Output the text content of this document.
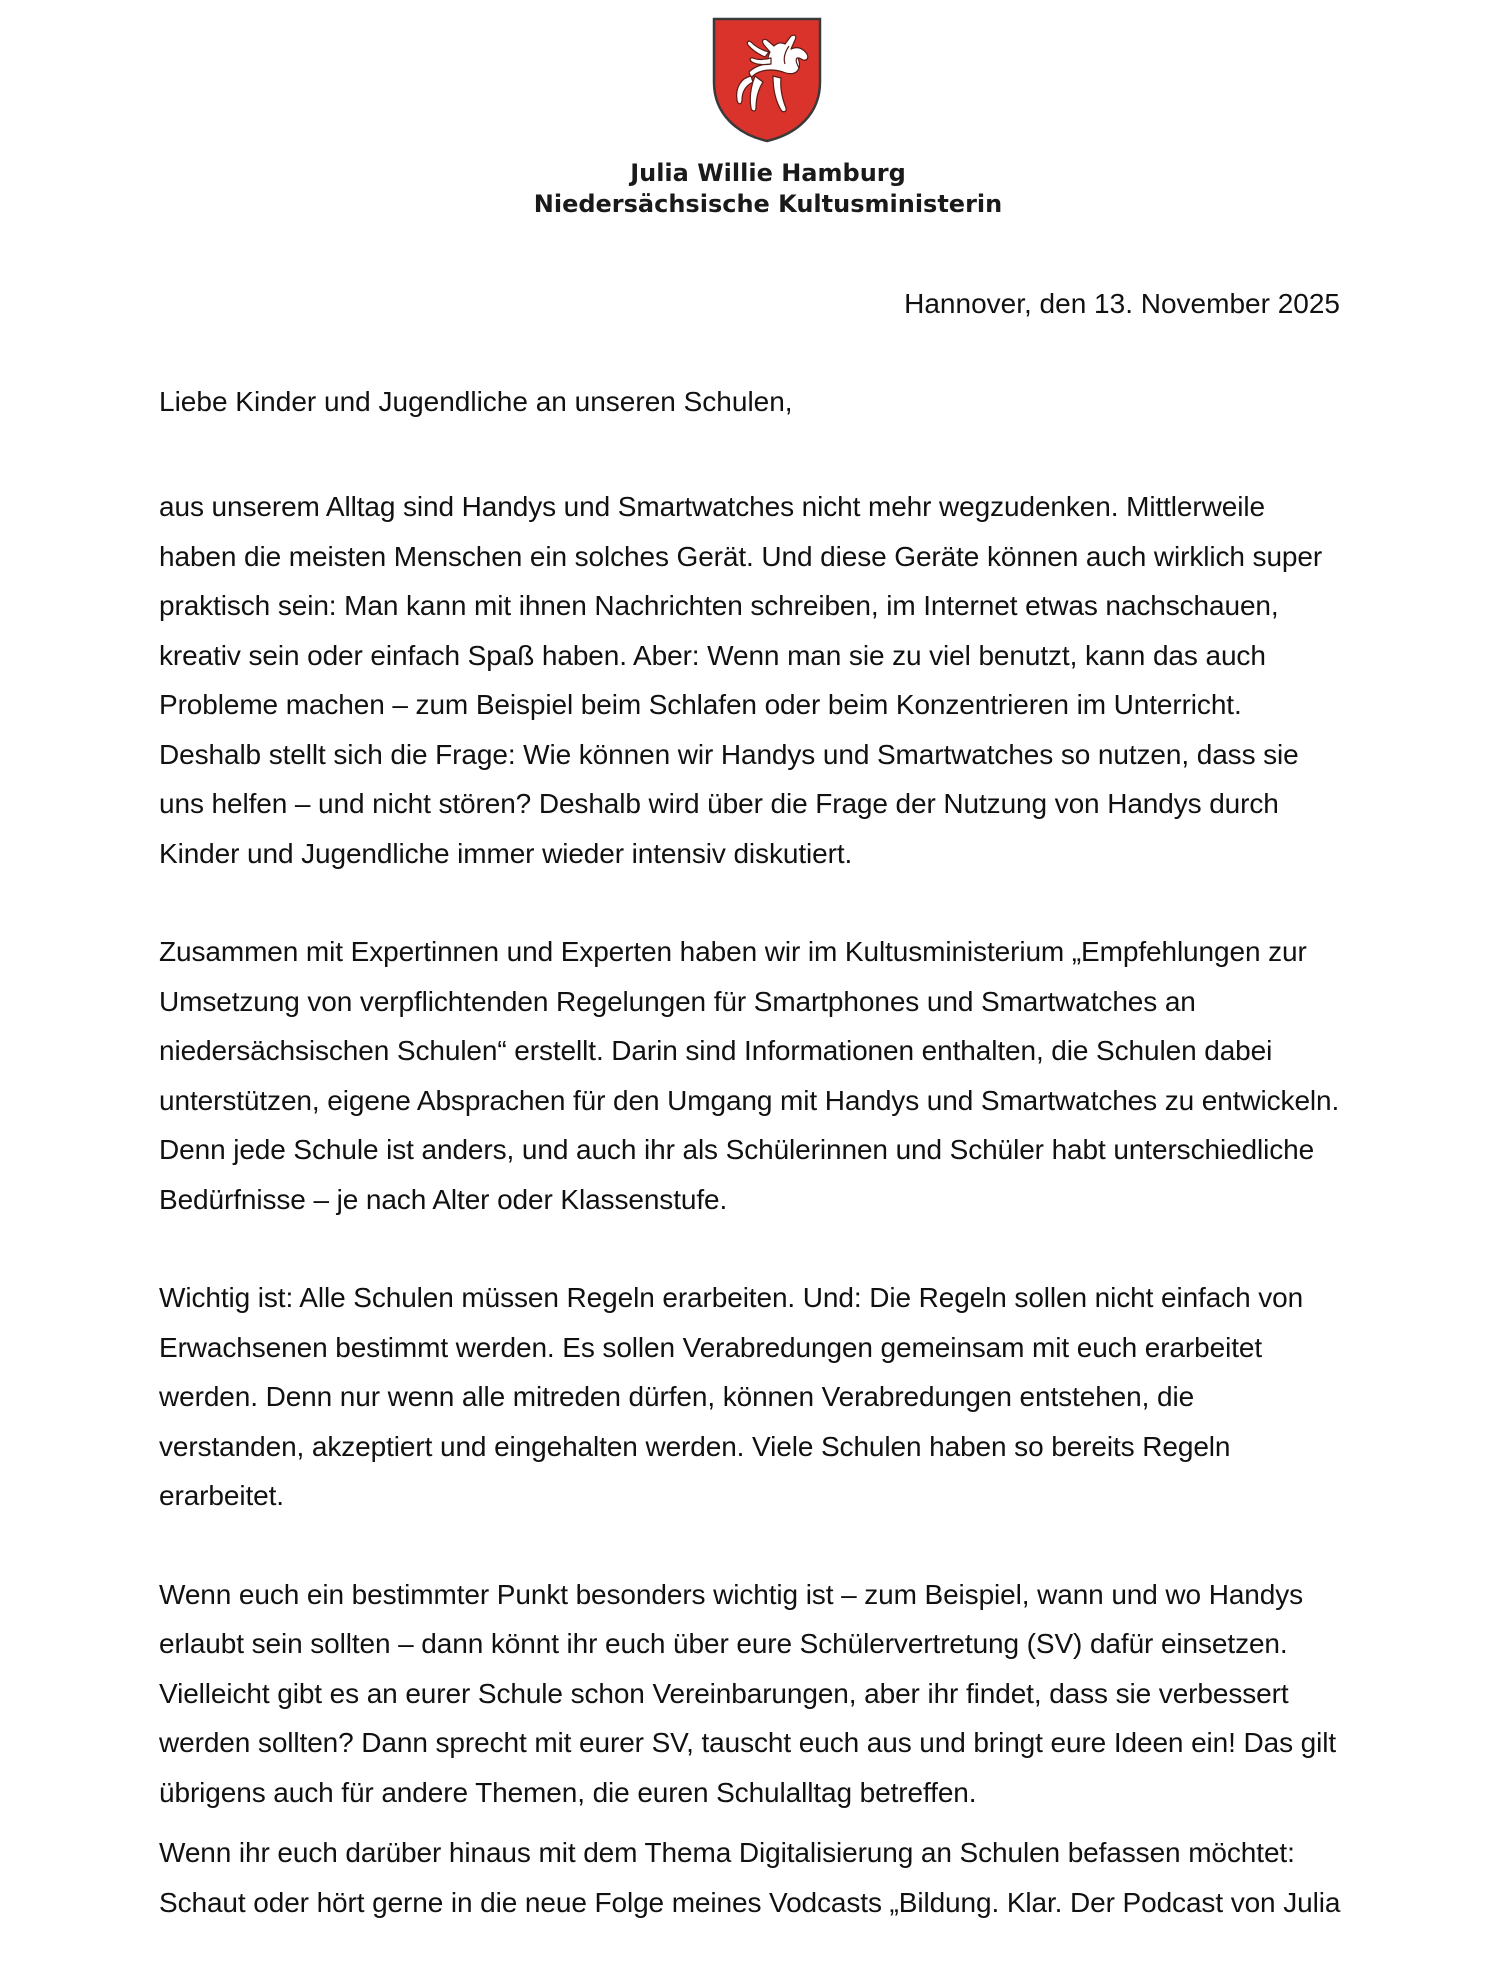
Julia Willie Hamburg
Niedersächsische Kultusministerin
Hannover, den 13. November 2025
Liebe Kinder und Jugendliche an unseren Schulen,
aus unserem Alltag sind Handys und Smartwatches nicht mehr wegzudenken. Mittlerweile
haben die meisten Menschen ein solches Gerät. Und diese Geräte können auch wirklich super
praktisch sein: Man kann mit ihnen Nachrichten schreiben, im Internet etwas nachschauen,
kreativ sein oder einfach Spaß haben. Aber: Wenn man sie zu viel benutzt, kann das auch
Probleme machen – zum Beispiel beim Schlafen oder beim Konzentrieren im Unterricht.
Deshalb stellt sich die Frage: Wie können wir Handys und Smartwatches so nutzen, dass sie
uns helfen – und nicht stören? Deshalb wird über die Frage der Nutzung von Handys durch
Kinder und Jugendliche immer wieder intensiv diskutiert.
Zusammen mit Expertinnen und Experten haben wir im Kultusministerium „Empfehlungen zur
Umsetzung von verpflichtenden Regelungen für Smartphones und Smartwatches an
niedersächsischen Schulen“ erstellt. Darin sind Informationen enthalten, die Schulen dabei
unterstützen, eigene Absprachen für den Umgang mit Handys und Smartwatches zu entwickeln.
Denn jede Schule ist anders, und auch ihr als Schülerinnen und Schüler habt unterschiedliche
Bedürfnisse – je nach Alter oder Klassenstufe.
Wichtig ist: Alle Schulen müssen Regeln erarbeiten. Und: Die Regeln sollen nicht einfach von
Erwachsenen bestimmt werden. Es sollen Verabredungen gemeinsam mit euch erarbeitet
werden. Denn nur wenn alle mitreden dürfen, können Verabredungen entstehen, die
verstanden, akzeptiert und eingehalten werden. Viele Schulen haben so bereits Regeln
erarbeitet.
Wenn euch ein bestimmter Punkt besonders wichtig ist – zum Beispiel, wann und wo Handys
erlaubt sein sollten – dann könnt ihr euch über eure Schülervertretung (SV) dafür einsetzen.
Vielleicht gibt es an eurer Schule schon Vereinbarungen, aber ihr findet, dass sie verbessert
werden sollten? Dann sprecht mit eurer SV, tauscht euch aus und bringt eure Ideen ein! Das gilt
übrigens auch für andere Themen, die euren Schulalltag betreffen.
Wenn ihr euch darüber hinaus mit dem Thema Digitalisierung an Schulen befassen möchtet:
Schaut oder hört gerne in die neue Folge meines Vodcasts „Bildung. Klar. Der Podcast von Julia
